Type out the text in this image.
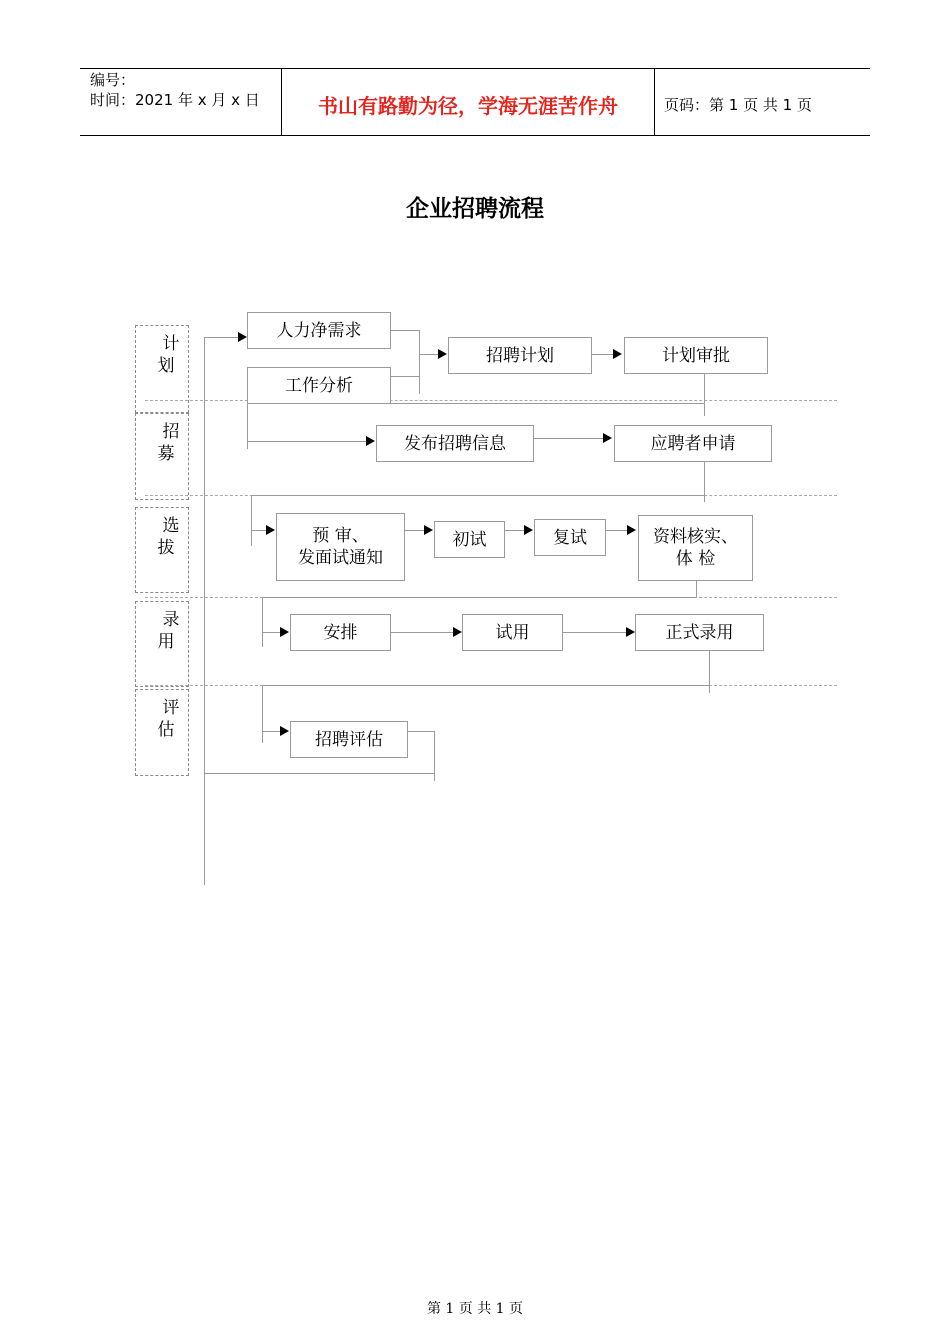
编号：
时间：2021 年 x 月 x 日	书山有路勤为径，学海无涯苦作舟	页码：第 1 页 共 1 页
企业招聘流程
计
划
招
募
选
拔
录
用
评
估
人力净需求
工作分析
招聘计划	计划审批
发布招聘信息	应聘者申请
预 审、
发面试通知
初试	复试	资料核实、
体 检
安排	试用	正式录用
招聘评估
第 1 页 共 1 页
